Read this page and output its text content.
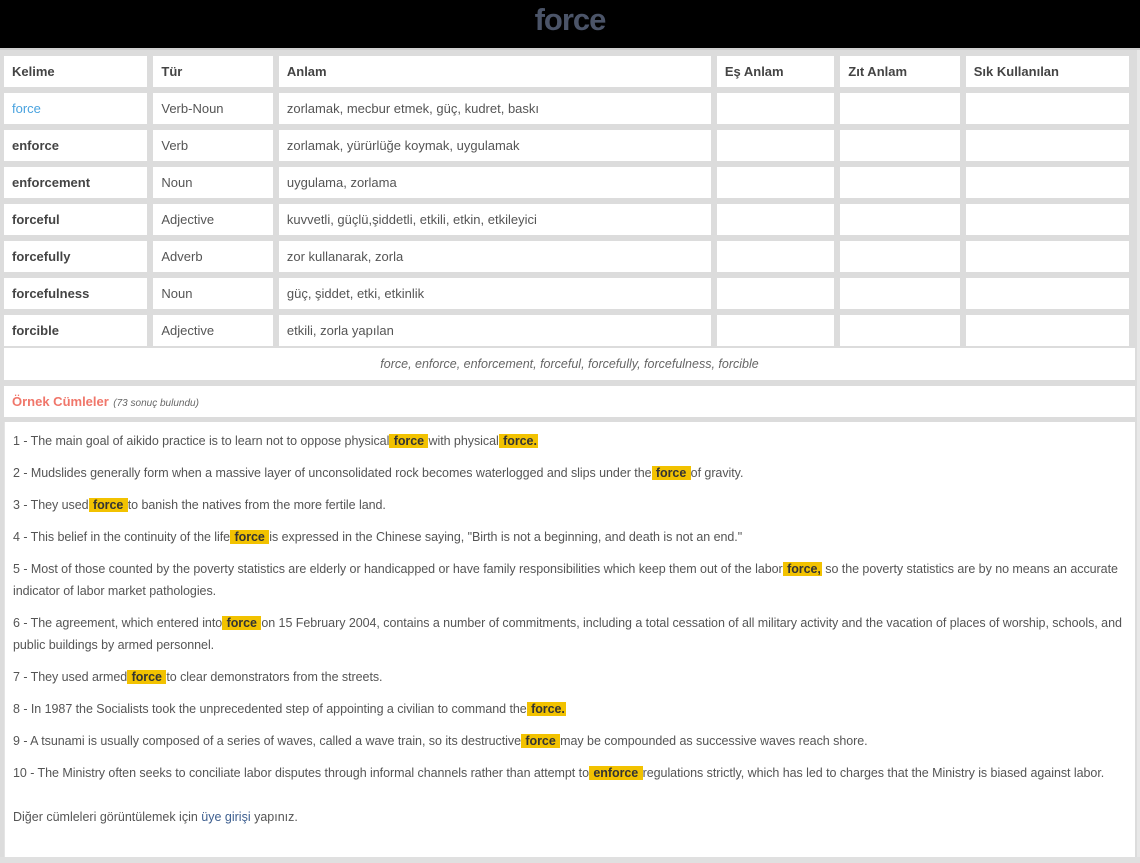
force
Kelime	Tür	Anlam	Eş Anlam	Zıt Anlam	Sık Kullanılan
force	Verb-Noun	zorlamak, mecbur etmek, güç, kudret, baskı			
enforce	Verb	zorlamak, yürürlüğe koymak, uygulamak			
enforcement	Noun	uygulama, zorlama			
forceful	Adjective	kuvvetli, güçlü,şiddetli, etkili, etkin, etkileyici			
forcefully	Adverb	zor kullanarak, zorla			
forcefulness	Noun	güç, şiddet, etki, etkinlik			
forcible	Adjective	etkili, zorla yapılan			
force, enforce, enforcement, forceful, forcefully, forcefulness, forcible
Örnek Cümleler (73 sonuç bulundu)
1 - The main goal of aikido practice is to learn not to oppose physical force with physical force.
2 - Mudslides generally form when a massive layer of unconsolidated rock becomes waterlogged and slips under the force of gravity.
3 - They used force to banish the natives from the more fertile land.
4 - This belief in the continuity of the life force is expressed in the Chinese saying, "Birth is not a beginning, and death is not an end."
5 - Most of those counted by the poverty statistics are elderly or handicapped or have family responsibilities which keep them out of the labor force, so the poverty statistics are by no means an accurate indicator of labor market pathologies.
6 - The agreement, which entered into force on 15 February 2004, contains a number of commitments, including a total cessation of all military activity and the vacation of places of worship, schools, and public buildings by armed personnel.
7 - They used armed force to clear demonstrators from the streets.
8 - In 1987 the Socialists took the unprecedented step of appointing a civilian to command the force.
9 - A tsunami is usually composed of a series of waves, called a wave train, so its destructive force may be compounded as successive waves reach shore.
10 - The Ministry often seeks to conciliate labor disputes through informal channels rather than attempt to enforce regulations strictly, which has led to charges that the Ministry is biased against labor.
Diğer cümleleri görüntülemek için üye girişi yapınız.
